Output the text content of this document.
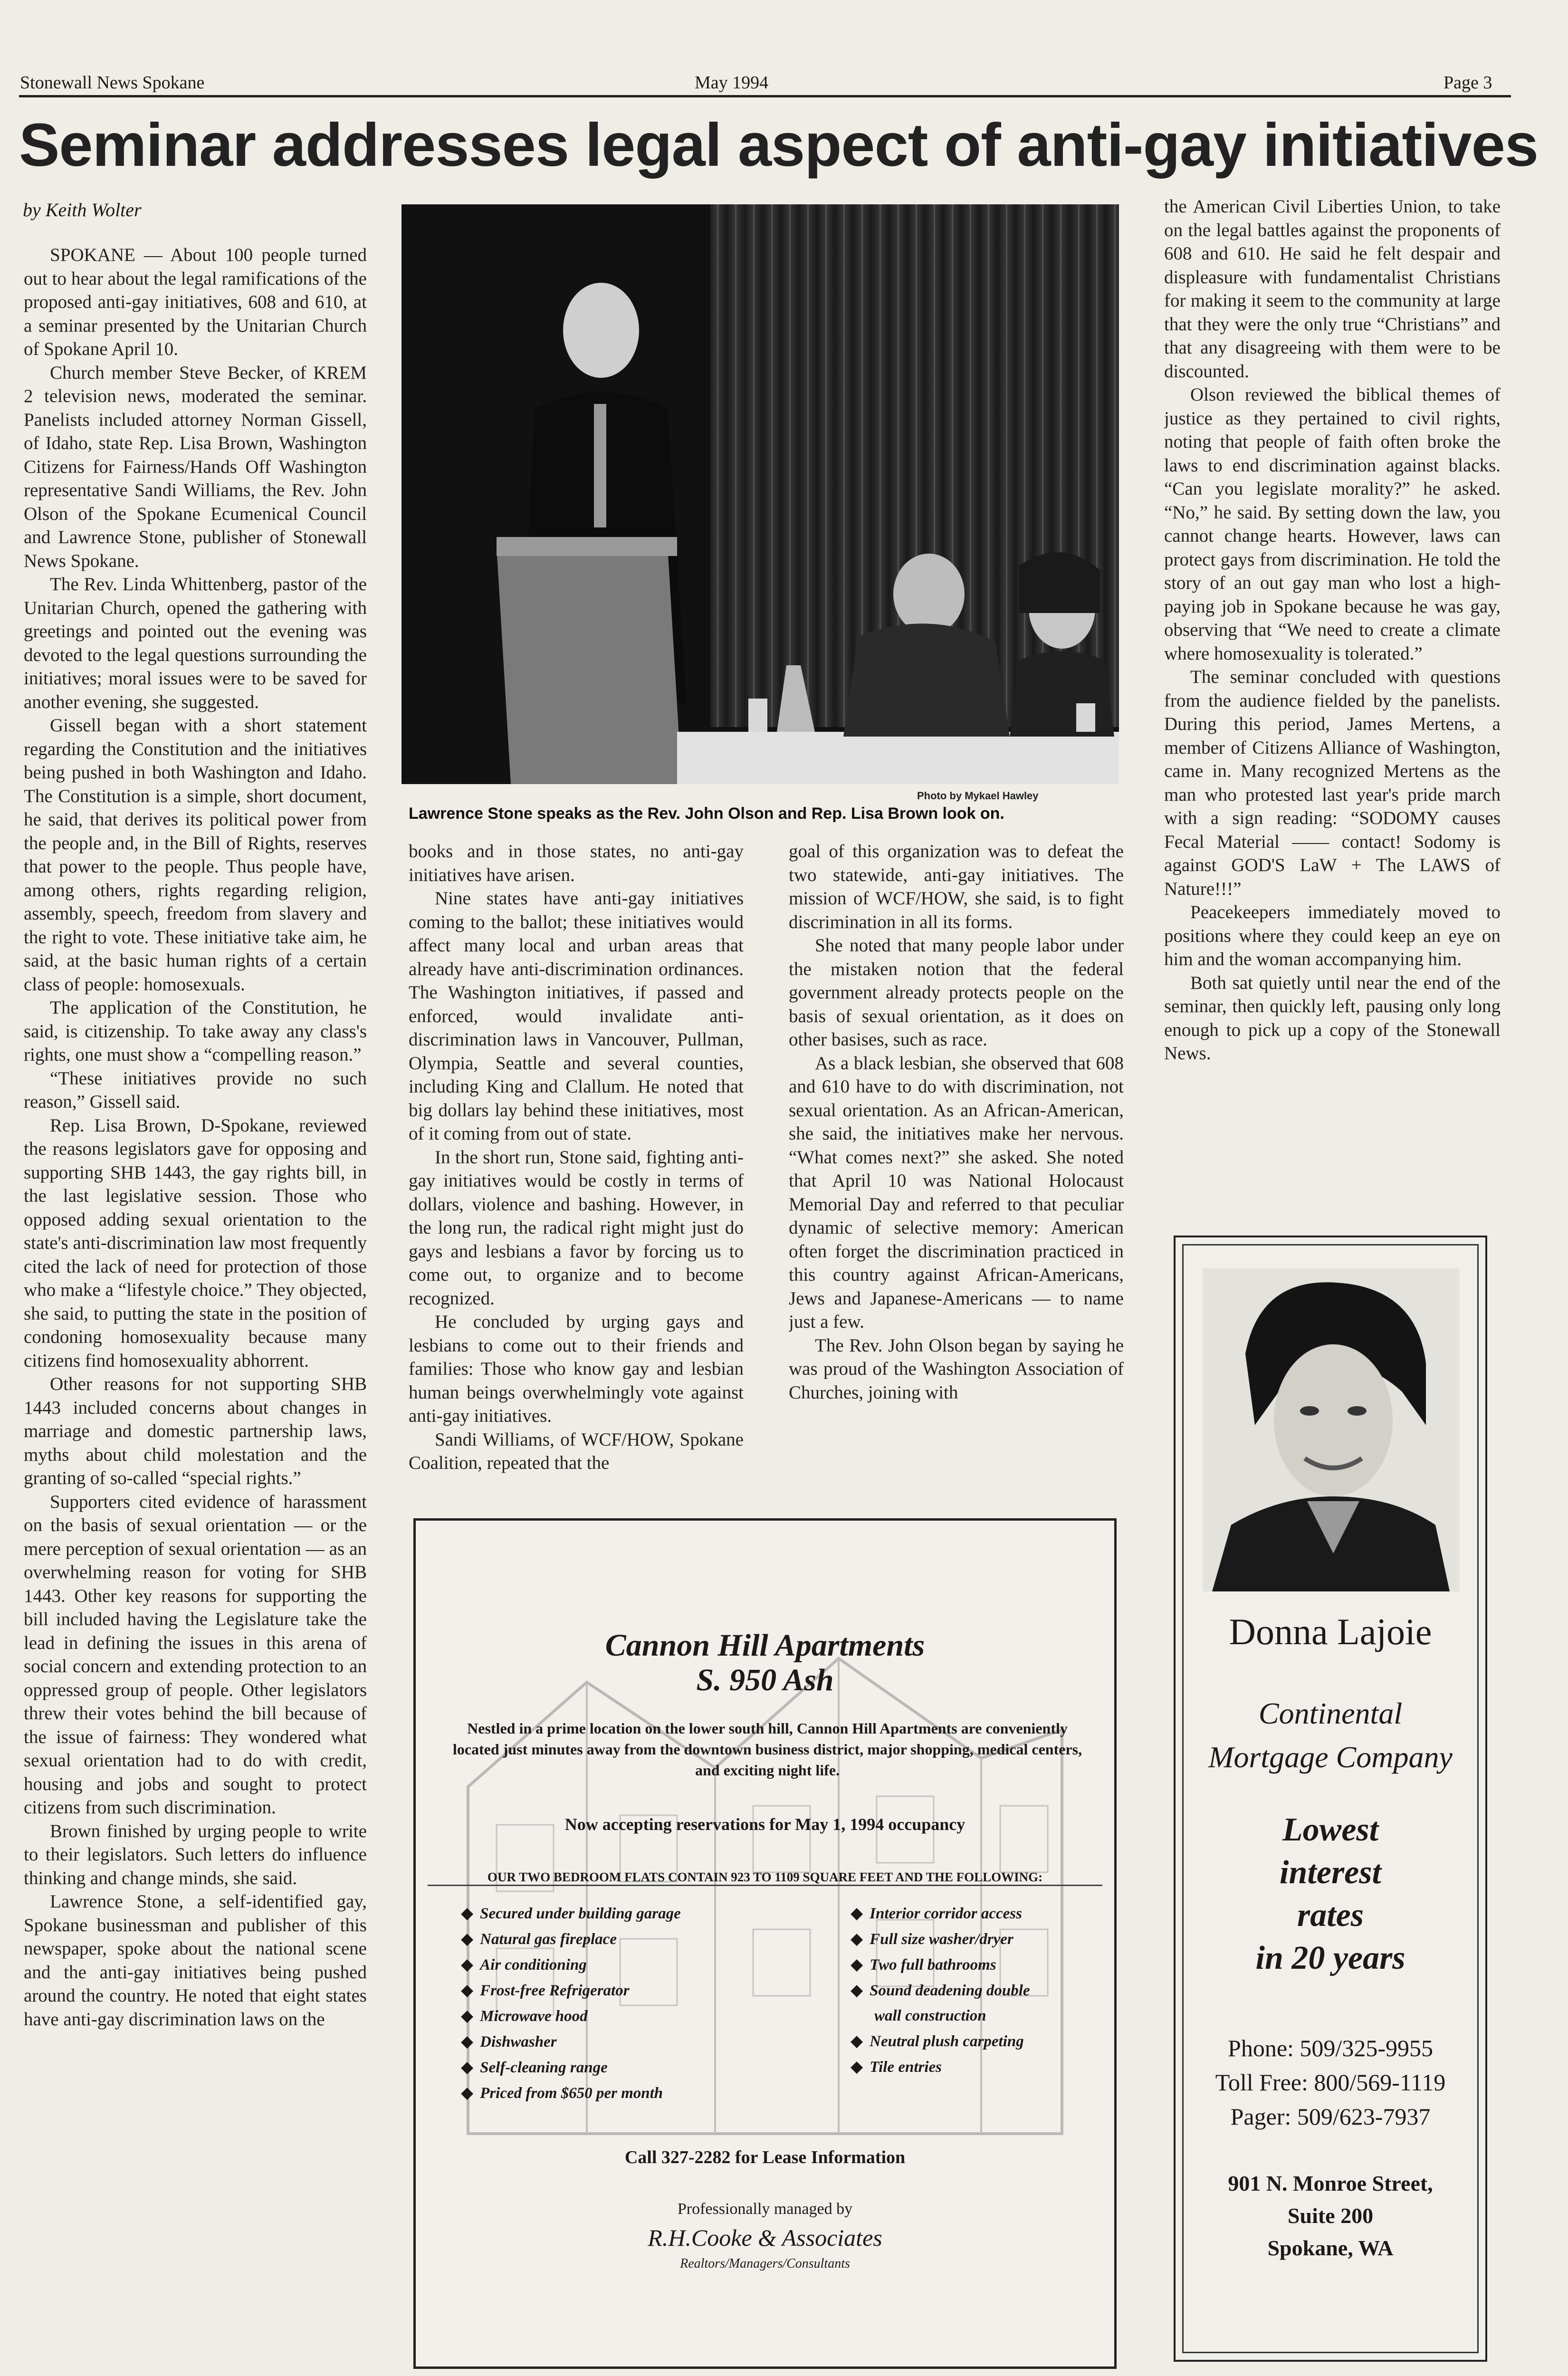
Stonewall News Spokane	May 1994	Page 3
Seminar addresses legal aspect of anti-gay initiatives
by Keith Wolter

SPOKANE — About 100 people turned out to hear about the legal ramifications of the proposed anti-gay initiatives, 608 and 610, at a seminar presented by the Unitarian Church of Spokane April 10.

Church member Steve Becker, of KREM 2 television news, moderated the seminar. Panelists included attorney Norman Gissell, of Idaho, state Rep. Lisa Brown, Washington Citizens for Fairness/Hands Off Washington representative Sandi Williams, the Rev. John Olson of the Spokane Ecumenical Council and Lawrence Stone, publisher of Stonewall News Spokane.

The Rev. Linda Whittenberg, pastor of the Unitarian Church, opened the gathering with greetings and pointed out the evening was devoted to the legal questions surrounding the initiatives; moral issues were to be saved for another evening, she suggested.

Gissell began with a short statement regarding the Constitution and the initiatives being pushed in both Washington and Idaho. The Constitution is a simple, short document, he said, that derives its political power from the people and, in the Bill of Rights, reserves that power to the people. Thus people have, among others, rights regarding religion, assembly, speech, freedom from slavery and the right to vote. These initiative take aim, he said, at the basic human rights of a certain class of people: homosexuals.

The application of the Constitution, he said, is citizenship. To take away any class's rights, one must show a “compelling reason.”

“These initiatives provide no such reason,” Gissell said.

Rep. Lisa Brown, D-Spokane, reviewed the reasons legislators gave for opposing and supporting SHB 1443, the gay rights bill, in the last legislative session. Those who opposed adding sexual orientation to the state's anti-discrimination law most frequently cited the lack of need for protection of those who make a “lifestyle choice.” They objected, she said, to putting the state in the position of condoning homosexuality because many citizens find homosexuality abhorrent.

Other reasons for not supporting SHB 1443 included concerns about changes in marriage and domestic partnership laws, myths about child molestation and the granting of so-called “special rights.”

Supporters cited evidence of harassment on the basis of sexual orientation — or the mere perception of sexual orientation — as an overwhelming reason for voting for SHB 1443. Other key reasons for supporting the bill included having the Legislature take the lead in defining the issues in this arena of social concern and extending protection to an oppressed group of people. Other legislators threw their votes behind the bill because of the issue of fairness: They wondered what sexual orientation had to do with credit, housing and jobs and sought to protect citizens from such discrimination.

Brown finished by urging people to write to their legislators. Such letters do influence thinking and change minds, she said.

Lawrence Stone, a self-identified gay, Spokane businessman and publisher of this newspaper, spoke about the national scene and the anti-gay initiatives being pushed around the country. He noted that eight states have anti-gay discrimination laws on the

Photo by Mykael Hawley
Lawrence Stone speaks as the Rev. John Olson and Rep. Lisa Brown look on.

books and in those states, no anti-gay initiatives have arisen.

Nine states have anti-gay initiatives coming to the ballot; these initiatives would affect many local and urban areas that already have anti-discrimination ordinances. The Washington initiatives, if passed and enforced, would invalidate anti-discrimination laws in Vancouver, Pullman, Olympia, Seattle and several counties, including King and Clallum. He noted that big dollars lay behind these initiatives, most of it coming from out of state.

In the short run, Stone said, fighting anti-gay initiatives would be costly in terms of dollars, violence and bashing. However, in the long run, the radical right might just do gays and lesbians a favor by forcing us to come out, to organize and to become recognized.

He concluded by urging gays and lesbians to come out to their friends and families: Those who know gay and lesbian human beings overwhelmingly vote against anti-gay initiatives.

Sandi Williams, of WCF/HOW, Spokane Coalition, repeated that the

goal of this organization was to defeat the two statewide, anti-gay initiatives. The mission of WCF/HOW, she said, is to fight discrimination in all its forms.

She noted that many people labor under the mistaken notion that the federal government already protects people on the basis of sexual orientation, as it does on other basises, such as race.

As a black lesbian, she observed that 608 and 610 have to do with discrimination, not sexual orientation. As an African-American, she said, the initiatives make her nervous. “What comes next?” she asked. She noted that April 10 was National Holocaust Memorial Day and referred to that peculiar dynamic of selective memory: American often forget the discrimination practiced in this country against African-Americans, Jews and Japanese-Americans — to name just a few.

The Rev. John Olson began by saying he was proud of the Washington Association of Churches, joining with

the American Civil Liberties Union, to take on the legal battles against the proponents of 608 and 610. He said he felt despair and displeasure with fundamentalist Christians for making it seem to the community at large that they were the only true “Christians” and that any disagreeing with them were to be discounted.

Olson reviewed the biblical themes of justice as they pertained to civil rights, noting that people of faith often broke the laws to end discrimination against blacks. “Can you legislate morality?” he asked. “No,” he said. By setting down the law, you cannot change hearts. However, laws can protect gays from discrimination. He told the story of an out gay man who lost a high-paying job in Spokane because he was gay, observing that “We need to create a climate where homosexuality is tolerated.”

The seminar concluded with questions from the audience fielded by the panelists. During this period, James Mertens, a member of Citizens Alliance of Washington, came in. Many recognized Mertens as the man who protested last year's pride march with a sign reading: “SODOMY causes Fecal Material —— contact! Sodomy is against GOD'S LaW + The LAWS of Nature!!!”

Peacekeepers immediately moved to positions where they could keep an eye on him and the woman accompanying him.

Both sat quietly until near the end of the seminar, then quickly left, pausing only long enough to pick up a copy of the Stonewall News.

Cannon Hill Apartments
S. 950 Ash
Nestled in a prime location on the lower south hill, Cannon Hill Apartments are conveniently located just minutes away from the downtown business district, major shopping, medical centers, and exciting night life.
Now accepting reservations for May 1, 1994 occupancy
OUR TWO BEDROOM FLATS CONTAIN 923 TO 1109 SQUARE FEET AND THE FOLLOWING:
◆ Secured under building garage
◆ Natural gas fireplace
◆ Air conditioning
◆ Frost-free Refrigerator
◆ Microwave hood
◆ Dishwasher
◆ Self-cleaning range
◆ Priced from $650 per month
◆ Interior corridor access
◆ Full size washer/dryer
◆ Two full bathrooms
◆ Sound deadening double
wall construction
◆ Neutral plush carpeting
◆ Tile entries
Call 327-2282 for Lease Information
Professionally managed by
R.H.Cooke & Associates
Realtors/Managers/Consultants
Donna Lajoie
Continental
Mortgage Company
Lowest
interest
rates
in 20 years
Phone: 509/325-9955
Toll Free: 800/569-1119
Pager: 509/623-7937
901 N. Monroe Street,
Suite 200
Spokane, WA
